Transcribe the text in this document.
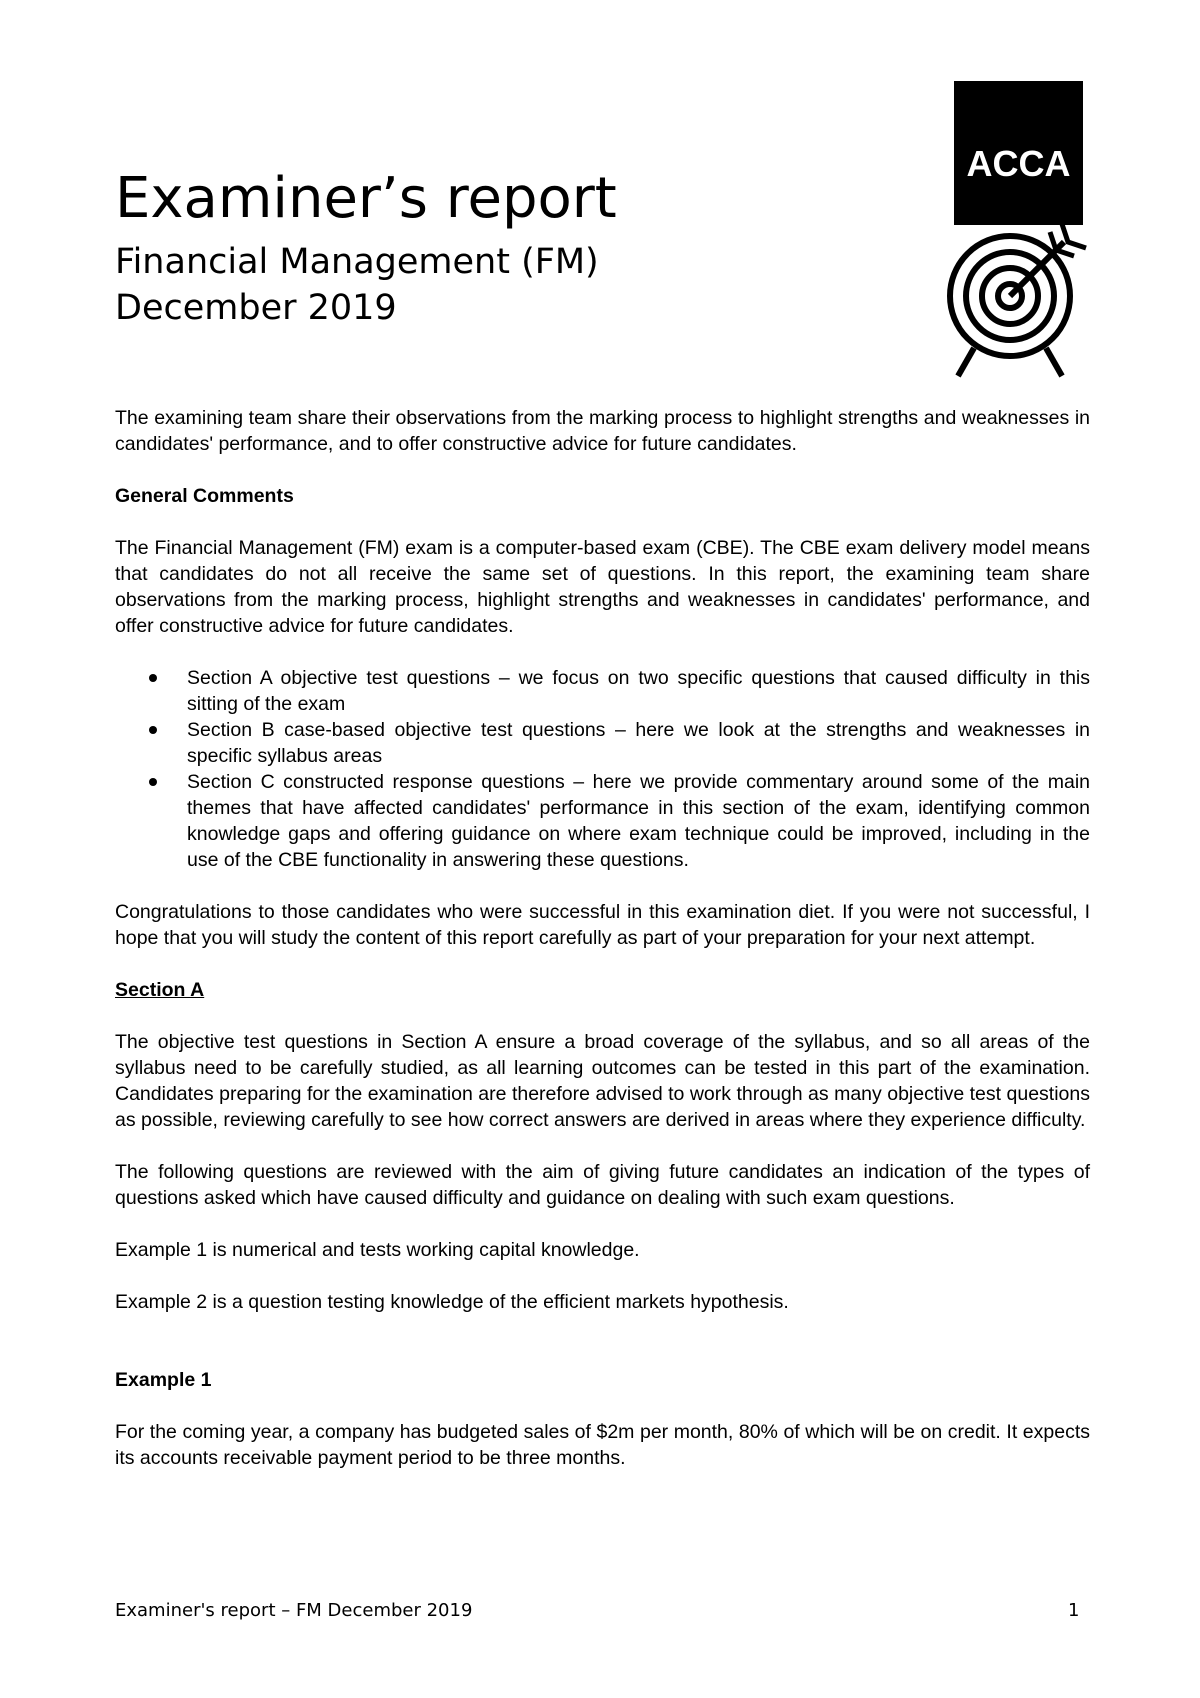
ACCA
Examiner’s report
Financial Management (FM)
December 2019

The examining team share their observations from the marking process to highlight strengths and weaknesses in candidates' performance, and to offer constructive advice for future candidates.

General Comments

The Financial Management (FM) exam is a computer-based exam (CBE). The CBE exam delivery model means that candidates do not all receive the same set of questions. In this report, the examining team share observations from the marking process, highlight strengths and weaknesses in candidates' performance, and offer constructive advice for future candidates.

Section A objective test questions – we focus on two specific questions that caused difficulty in this sitting of the exam
Section B case-based objective test questions – here we look at the strengths and weaknesses in specific syllabus areas
Section C constructed response questions – here we provide commentary around some of the main themes that have affected candidates' performance in this section of the exam, identifying common knowledge gaps and offering guidance on where exam technique could be improved, including in the use of the CBE functionality in answering these questions.

Congratulations to those candidates who were successful in this examination diet. If you were not successful, I hope that you will study the content of this report carefully as part of your preparation for your next attempt.

Section A

The objective test questions in Section A ensure a broad coverage of the syllabus, and so all areas of the syllabus need to be carefully studied, as all learning outcomes can be tested in this part of the examination. Candidates preparing for the examination are therefore advised to work through as many objective test questions as possible, reviewing carefully to see how correct answers are derived in areas where they experience difficulty.

The following questions are reviewed with the aim of giving future candidates an indication of the types of questions asked which have caused difficulty and guidance on dealing with such exam questions.

Example 1 is numerical and tests working capital knowledge.

Example 2 is a question testing knowledge of the efficient markets hypothesis.

Example 1

For the coming year, a company has budgeted sales of $2m per month, 80% of which will be on credit. It expects its accounts receivable payment period to be three months.

Examiner's report – FM December 2019	1
